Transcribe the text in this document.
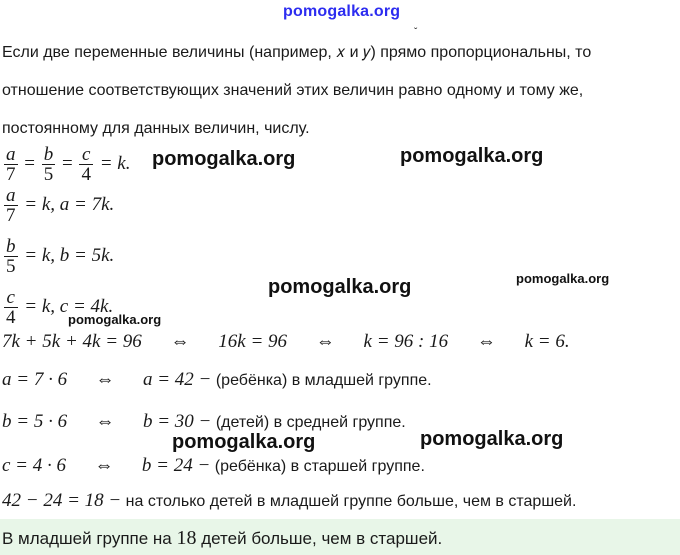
pomogalka.org
ˇ
Если две переменные величины (например, 𝑥 и 𝑦) прямо пропорциональны, то
отношение соответствующих значений этих величин равно одному и тому же,
постоянному для данных величин, числу.
$\frac{a}{7} = \frac{b}{5} = \frac{c}{4} = k$.
$\frac{a}{7} = k$, a = 7k.
$\frac{b}{5} = k$, b = 5k.
$\frac{c}{4} = k$, c = 4k.
7k + 5k + 4k = 96 ⇔ 16k = 96 ⇔ k = 96 : 16 ⇔ k = 6.
a = 7 · 6 ⇔ a = 42 − (ребёнка) в младшей группе.
b = 5 · 6 ⇔ b = 30 − (детей) в средней группе.
c = 4 · 6 ⇔ b = 24 − (ребёнка) в старшей группе.
42 − 24 = 18 − на столько детей в младшей группе больше, чем в старшей.
В младшей группе на 18 детей больше, чем в старшей.
pomogalka.org	pomogalka.org
pomogalka.org	pomogalka.org
pomogalka.org
pomogalka.org	pomogalka.org
